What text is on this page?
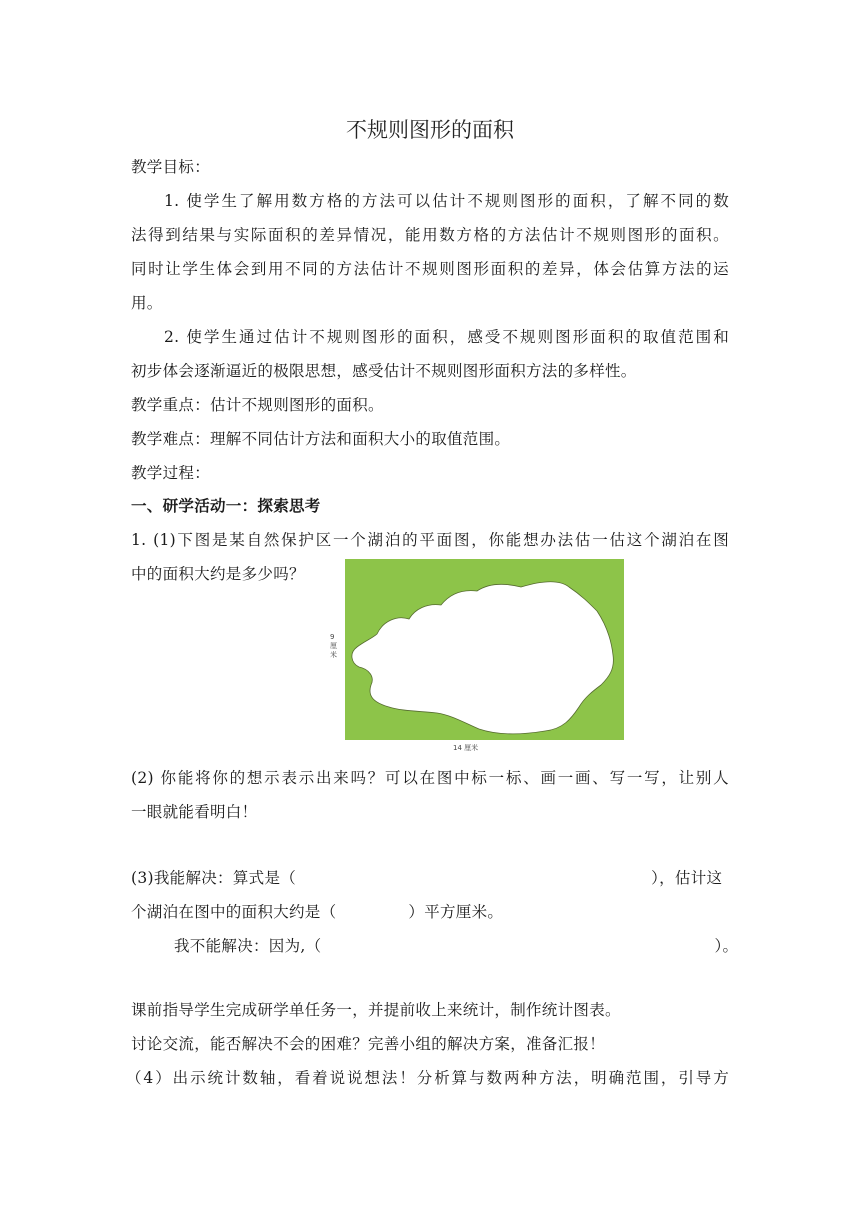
不规则图形的面积
教学目标：
1. 使学生了解用数方格的方法可以估计不规则图形的面积，了解不同的数
法得到结果与实际面积的差异情况，能用数方格的方法估计不规则图形的面积。
同时让学生体会到用不同的方法估计不规则图形面积的差异，体会估算方法的运
用。
2. 使学生通过估计不规则图形的面积，感受不规则图形面积的取值范围和
初步体会逐渐逼近的极限思想，感受估计不规则图形面积方法的多样性。
教学重点：估计不规则图形的面积。
教学难点：理解不同估计方法和面积大小的取值范围。
教学过程：
一、研学活动一：探索思考
1. (1)下图是某自然保护区一个湖泊的平面图，你能想办法估一估这个湖泊在图
中的面积大约是多少吗？
9
厘
米
14 厘米
(2) 你能将你的想示表示出来吗？可以在图中标一标、画一画、写一写，让别人
一眼就能看明白！
(3)我能解决：算式是（	），估计这
个湖泊在图中的面积大约是（	）平方厘米。
我不能解决：因为,（	）。
课前指导学生完成研学单任务一，并提前收上来统计，制作统计图表。
讨论交流，能否解决不会的困难？完善小组的解决方案，准备汇报！
（4）出示统计数轴，看着说说想法！分析算与数两种方法，明确范围，引导方
